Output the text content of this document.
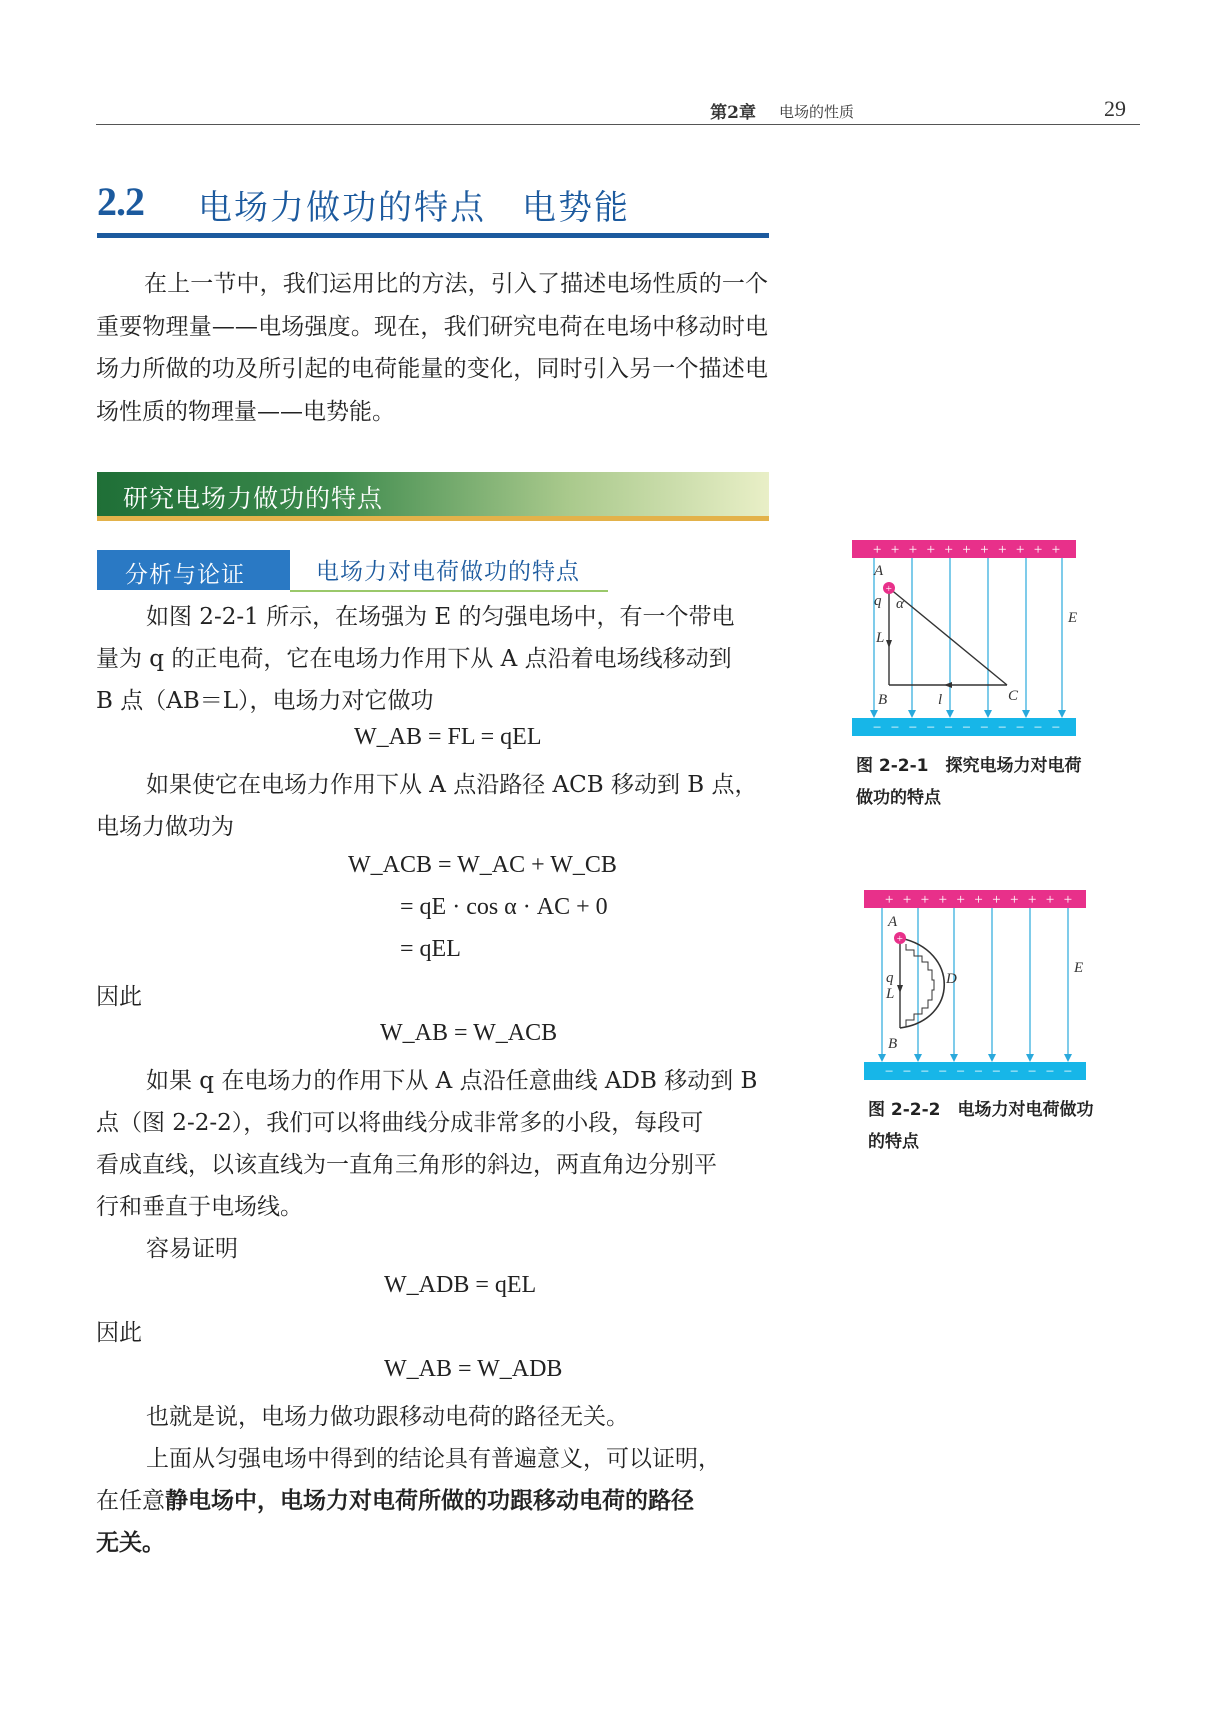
第2章 电场的性质	29
2.2 电场力做功的特点　电势能
在上一节中，我们运用比的方法，引入了描述电场性质的一个重要物理量——电场强度。现在，我们研究电荷在电场中移动时电场力所做的功及所引起的电荷能量的变化，同时引入另一个描述电场性质的物理量——电势能。
研究电场力做功的特点
分析与论证	电场力对电荷做功的特点
如图 2-2-1 所示，在场强为 E 的匀强电场中，有一个带电
量为 q 的正电荷，它在电场力作用下从 A 点沿着电场线移动到
B 点（AB＝L），电场力对它做功
W_AB = FL = qEL
如果使它在电场力作用下从 A 点沿路径 ACB 移动到 B 点，
电场力做功为
W_ACB = W_AC + W_CB
= qE · cos α · AC + 0
= qEL
因此
W_AB = W_ACB
如果 q 在电场力的作用下从 A 点沿任意曲线 ADB 移动到 B
点（图 2-2-2），我们可以将曲线分成非常多的小段，每段可
看成直线，以该直线为一直角三角形的斜边，两直角边分别平
行和垂直于电场线。
容易证明
W_ADB = qEL
因此
W_AB = W_ADB
也就是说，电场力做功跟移动电荷的路径无关。
上面从匀强电场中得到的结论具有普遍意义，可以证明，
在任意静电场中，电场力对电荷所做的功跟移动电荷的路径
无关。
+ + + + + + + + + + +
− − − − − − − − − − −
+
A
q α
L
B	l	C
E
图 2-2-1　探究电场力对电荷做功的特点
+ + + + + + + + + + +
− − − − − − − − − − −
+
A
q
L
D
B
E
图 2-2-2　电场力对电荷做功的特点
